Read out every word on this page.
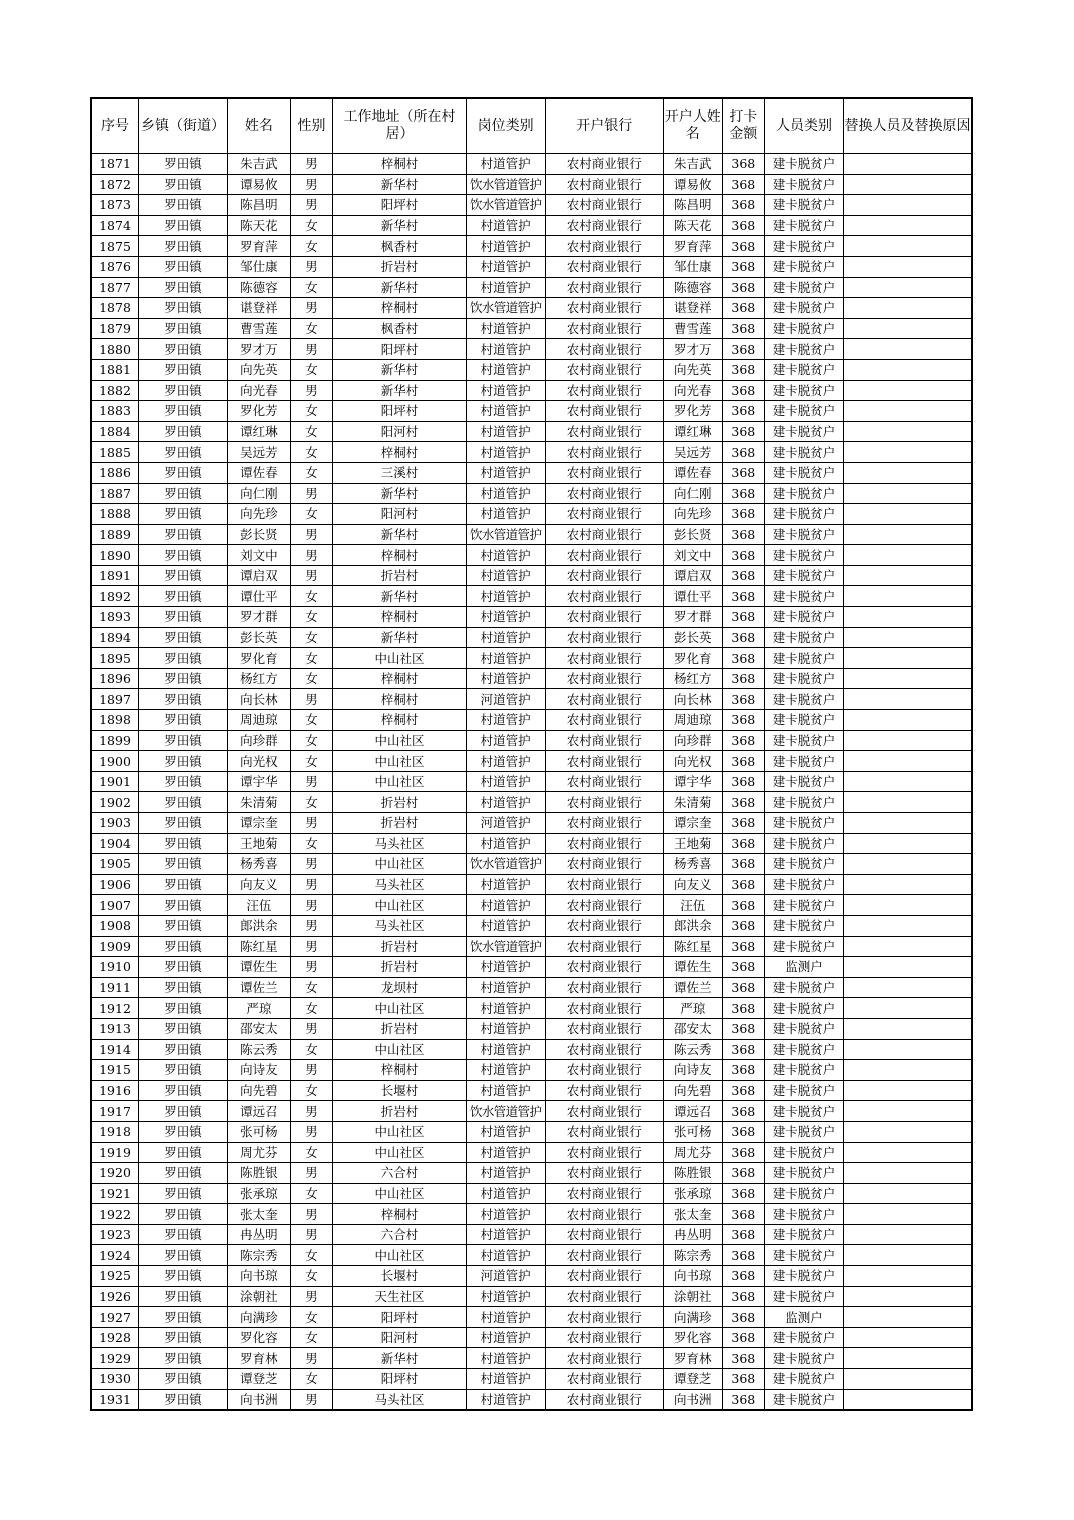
序号	乡镇（街道）	姓名	性别	工作地址（所在村居）	岗位类别	开户银行	开户人姓名	打卡金额	人员类别	替换人员及替换原因
1871	罗田镇	朱吉武	男	梓桐村	村道管护	农村商业银行	朱吉武	368	建卡脱贫户	
1872	罗田镇	谭易攸	男	新华村	饮水管道管护	农村商业银行	谭易攸	368	建卡脱贫户	
1873	罗田镇	陈昌明	男	阳坪村	饮水管道管护	农村商业银行	陈昌明	368	建卡脱贫户	
1874	罗田镇	陈天花	女	新华村	村道管护	农村商业银行	陈天花	368	建卡脱贫户	
1875	罗田镇	罗育萍	女	枫香村	村道管护	农村商业银行	罗育萍	368	建卡脱贫户	
1876	罗田镇	邹仕康	男	折岩村	村道管护	农村商业银行	邹仕康	368	建卡脱贫户	
1877	罗田镇	陈德容	女	新华村	村道管护	农村商业银行	陈德容	368	建卡脱贫户	
1878	罗田镇	谌登祥	男	梓桐村	饮水管道管护	农村商业银行	谌登祥	368	建卡脱贫户	
1879	罗田镇	曹雪莲	女	枫香村	村道管护	农村商业银行	曹雪莲	368	建卡脱贫户	
1880	罗田镇	罗才万	男	阳坪村	村道管护	农村商业银行	罗才万	368	建卡脱贫户	
1881	罗田镇	向先英	女	新华村	村道管护	农村商业银行	向先英	368	建卡脱贫户	
1882	罗田镇	向光春	男	新华村	村道管护	农村商业银行	向光春	368	建卡脱贫户	
1883	罗田镇	罗化芳	女	阳坪村	村道管护	农村商业银行	罗化芳	368	建卡脱贫户	
1884	罗田镇	谭红琳	女	阳河村	村道管护	农村商业银行	谭红琳	368	建卡脱贫户	
1885	罗田镇	吴远芳	女	梓桐村	村道管护	农村商业银行	吴远芳	368	建卡脱贫户	
1886	罗田镇	谭佐春	女	三溪村	村道管护	农村商业银行	谭佐春	368	建卡脱贫户	
1887	罗田镇	向仁刚	男	新华村	村道管护	农村商业银行	向仁刚	368	建卡脱贫户	
1888	罗田镇	向先珍	女	阳河村	村道管护	农村商业银行	向先珍	368	建卡脱贫户	
1889	罗田镇	彭长贤	男	新华村	饮水管道管护	农村商业银行	彭长贤	368	建卡脱贫户	
1890	罗田镇	刘文中	男	梓桐村	村道管护	农村商业银行	刘文中	368	建卡脱贫户	
1891	罗田镇	谭启双	男	折岩村	村道管护	农村商业银行	谭启双	368	建卡脱贫户	
1892	罗田镇	谭仕平	女	新华村	村道管护	农村商业银行	谭仕平	368	建卡脱贫户	
1893	罗田镇	罗才群	女	梓桐村	村道管护	农村商业银行	罗才群	368	建卡脱贫户	
1894	罗田镇	彭长英	女	新华村	村道管护	农村商业银行	彭长英	368	建卡脱贫户	
1895	罗田镇	罗化育	女	中山社区	村道管护	农村商业银行	罗化育	368	建卡脱贫户	
1896	罗田镇	杨红方	女	梓桐村	村道管护	农村商业银行	杨红方	368	建卡脱贫户	
1897	罗田镇	向长林	男	梓桐村	河道管护	农村商业银行	向长林	368	建卡脱贫户	
1898	罗田镇	周迪琼	女	梓桐村	村道管护	农村商业银行	周迪琼	368	建卡脱贫户	
1899	罗田镇	向珍群	女	中山社区	村道管护	农村商业银行	向珍群	368	建卡脱贫户	
1900	罗田镇	向光权	女	中山社区	村道管护	农村商业银行	向光权	368	建卡脱贫户	
1901	罗田镇	谭宇华	男	中山社区	村道管护	农村商业银行	谭宇华	368	建卡脱贫户	
1902	罗田镇	朱清菊	女	折岩村	村道管护	农村商业银行	朱清菊	368	建卡脱贫户	
1903	罗田镇	谭宗奎	男	折岩村	河道管护	农村商业银行	谭宗奎	368	建卡脱贫户	
1904	罗田镇	王地菊	女	马头社区	村道管护	农村商业银行	王地菊	368	建卡脱贫户	
1905	罗田镇	杨秀喜	男	中山社区	饮水管道管护	农村商业银行	杨秀喜	368	建卡脱贫户	
1906	罗田镇	向友义	男	马头社区	村道管护	农村商业银行	向友义	368	建卡脱贫户	
1907	罗田镇	汪伍	男	中山社区	村道管护	农村商业银行	汪伍	368	建卡脱贫户	
1908	罗田镇	郎洪余	男	马头社区	村道管护	农村商业银行	郎洪余	368	建卡脱贫户	
1909	罗田镇	陈红星	男	折岩村	饮水管道管护	农村商业银行	陈红星	368	建卡脱贫户	
1910	罗田镇	谭佐生	男	折岩村	村道管护	农村商业银行	谭佐生	368	监测户	
1911	罗田镇	谭佐兰	女	龙坝村	村道管护	农村商业银行	谭佐兰	368	建卡脱贫户	
1912	罗田镇	严琼	女	中山社区	村道管护	农村商业银行	严琼	368	建卡脱贫户	
1913	罗田镇	邵安太	男	折岩村	村道管护	农村商业银行	邵安太	368	建卡脱贫户	
1914	罗田镇	陈云秀	女	中山社区	村道管护	农村商业银行	陈云秀	368	建卡脱贫户	
1915	罗田镇	向诗友	男	梓桐村	村道管护	农村商业银行	向诗友	368	建卡脱贫户	
1916	罗田镇	向先碧	女	长堰村	村道管护	农村商业银行	向先碧	368	建卡脱贫户	
1917	罗田镇	谭远召	男	折岩村	饮水管道管护	农村商业银行	谭远召	368	建卡脱贫户	
1918	罗田镇	张可杨	男	中山社区	村道管护	农村商业银行	张可杨	368	建卡脱贫户	
1919	罗田镇	周尤芬	女	中山社区	村道管护	农村商业银行	周尤芬	368	建卡脱贫户	
1920	罗田镇	陈胜银	男	六合村	村道管护	农村商业银行	陈胜银	368	建卡脱贫户	
1921	罗田镇	张承琼	女	中山社区	村道管护	农村商业银行	张承琼	368	建卡脱贫户	
1922	罗田镇	张太奎	男	梓桐村	村道管护	农村商业银行	张太奎	368	建卡脱贫户	
1923	罗田镇	冉丛明	男	六合村	村道管护	农村商业银行	冉丛明	368	建卡脱贫户	
1924	罗田镇	陈宗秀	女	中山社区	村道管护	农村商业银行	陈宗秀	368	建卡脱贫户	
1925	罗田镇	向书琼	女	长堰村	河道管护	农村商业银行	向书琼	368	建卡脱贫户	
1926	罗田镇	涂朝社	男	天生社区	村道管护	农村商业银行	涂朝社	368	建卡脱贫户	
1927	罗田镇	向满珍	女	阳坪村	村道管护	农村商业银行	向满珍	368	监测户	
1928	罗田镇	罗化容	女	阳河村	村道管护	农村商业银行	罗化容	368	建卡脱贫户	
1929	罗田镇	罗育林	男	新华村	村道管护	农村商业银行	罗育林	368	建卡脱贫户	
1930	罗田镇	谭登芝	女	阳坪村	村道管护	农村商业银行	谭登芝	368	建卡脱贫户	
1931	罗田镇	向书洲	男	马头社区	村道管护	农村商业银行	向书洲	368	建卡脱贫户	
